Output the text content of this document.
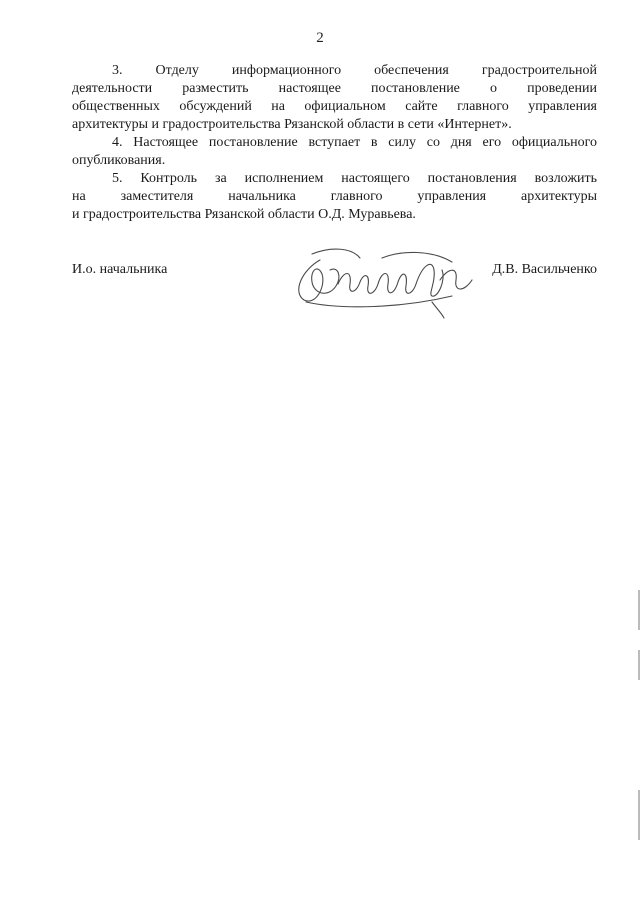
2

3. Отделу информационного обеспечения градостроительной
деятельности разместить настоящее постановление о проведении
общественных обсуждений на официальном сайте главного управления
архитектуры и градостроительства Рязанской области в сети «Интернет».

4. Настоящее постановление вступает в силу со дня его официального
опубликования.

5. Контроль за исполнением настоящего постановления возложить
на заместителя начальника главного управления архитектуры
и градостроительства Рязанской области О.Д. Муравьева.

И.о. начальника	Д.В. Васильченко
